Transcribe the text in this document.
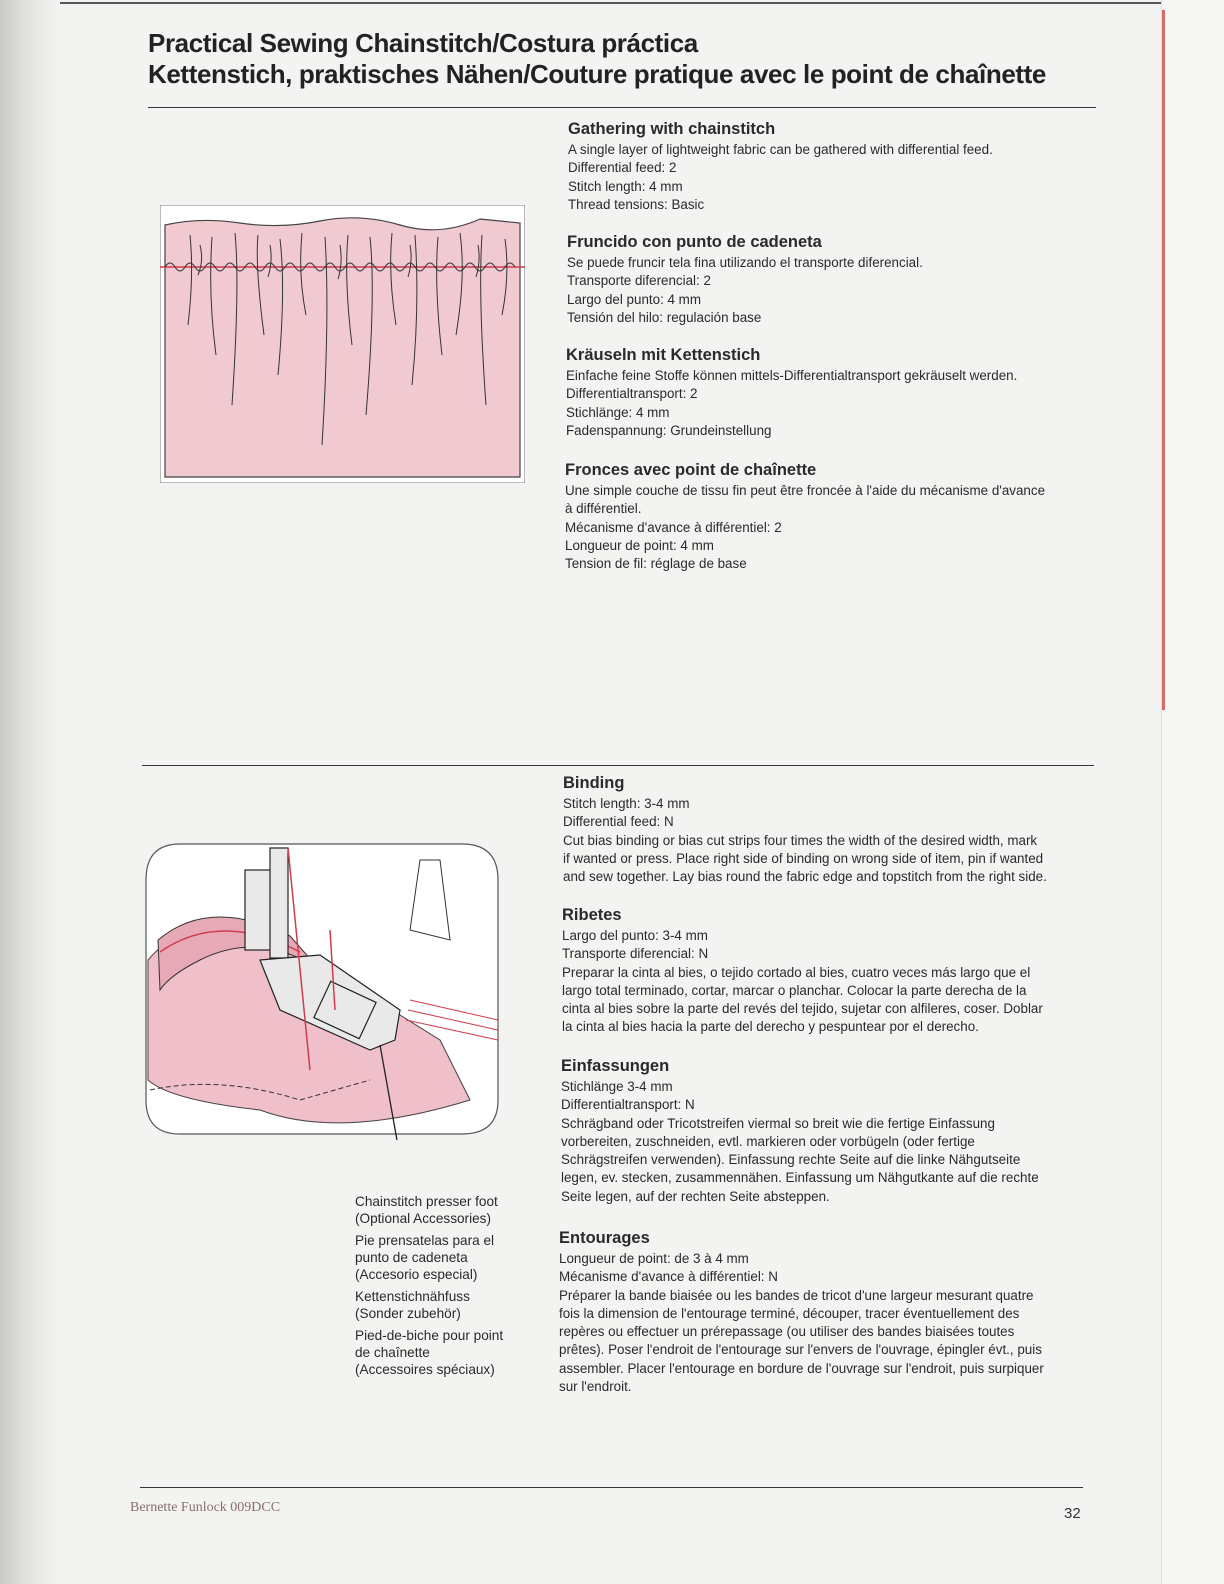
Practical Sewing Chainstitch/Costura práctica
Kettenstich, praktisches Nähen/Couture pratique avec le point de chaînette
Gathering with chainstitch

A single layer of lightweight fabric can be gathered with differential feed.

Differential feed: 2

Stitch length: 4 mm

Thread tensions: Basic

Fruncido con punto de cadeneta

Se puede fruncir tela fina utilizando el transporte diferencial.

Transporte diferencial: 2

Largo del punto: 4 mm

Tensión del hilo: regulación base

Kräuseln mit Kettenstich

Einfache feine Stoffe können mittels-Differentialtransport gekräuselt werden.

Differentialtransport: 2

Stichlänge: 4 mm

Fadenspannung: Grundeinstellung

Fronces avec point de chaînette

Une simple couche de tissu fin peut être froncée à l'aide du mécanisme d'avance

à différentiel.

Mécanisme d'avance à différentiel: 2

Longueur de point: 4 mm

Tension de fil: réglage de base

Binding

Stitch length: 3-4 mm

Differential feed: N

Cut bias binding or bias cut strips four times the width of the desired width, mark

if wanted or press. Place right side of binding on wrong side of item, pin if wanted

and sew together. Lay bias round the fabric edge and topstitch from the right side.

Ribetes

Largo del punto: 3-4 mm

Transporte diferencial: N

Preparar la cinta al bies, o tejido cortado al bies, cuatro veces más largo que el

largo total terminado, cortar, marcar o planchar. Colocar la parte derecha de la

cinta al bies sobre la parte del revés del tejido, sujetar con alfileres, coser. Doblar

la cinta al bies hacia la parte del derecho y pespuntear por el derecho.

Einfassungen

Stichlänge 3-4 mm

Differentialtransport: N

Schrägband oder Tricotstreifen viermal so breit wie die fertige Einfassung

vorbereiten, zuschneiden, evtl. markieren oder vorbügeln (oder fertige

Schrägstreifen verwenden). Einfassung rechte Seite auf die linke Nähgutseite

legen, ev. stecken, zusammennähen. Einfassung um Nähgutkante auf die rechte

Seite legen, auf der rechten Seite absteppen.

Entourages

Longueur de point: de 3 à 4 mm

Mécanisme d'avance à différentiel: N

Préparer la bande biaisée ou les bandes de tricot d'une largeur mesurant quatre

fois la dimension de l'entourage terminé, découper, tracer éventuellement des

repères ou effectuer un prérepassage (ou utiliser des bandes biaisées toutes

prêtes). Poser l'endroit de l'entourage sur l'envers de l'ouvrage, épingler évt., puis

assembler. Placer l'entourage en bordure de l'ouvrage sur l'endroit, puis surpiquer

sur l'endroit.

Chainstitch presser foot
(Optional Accessories)

Pie prensatelas para el
punto de cadeneta
(Accesorio especial)

Kettenstichnähfuss
(Sonder zubehör)

Pied-de-biche pour point
de chaînette
(Accessoires spéciaux)

Bernette Funlock 009DCC	32
